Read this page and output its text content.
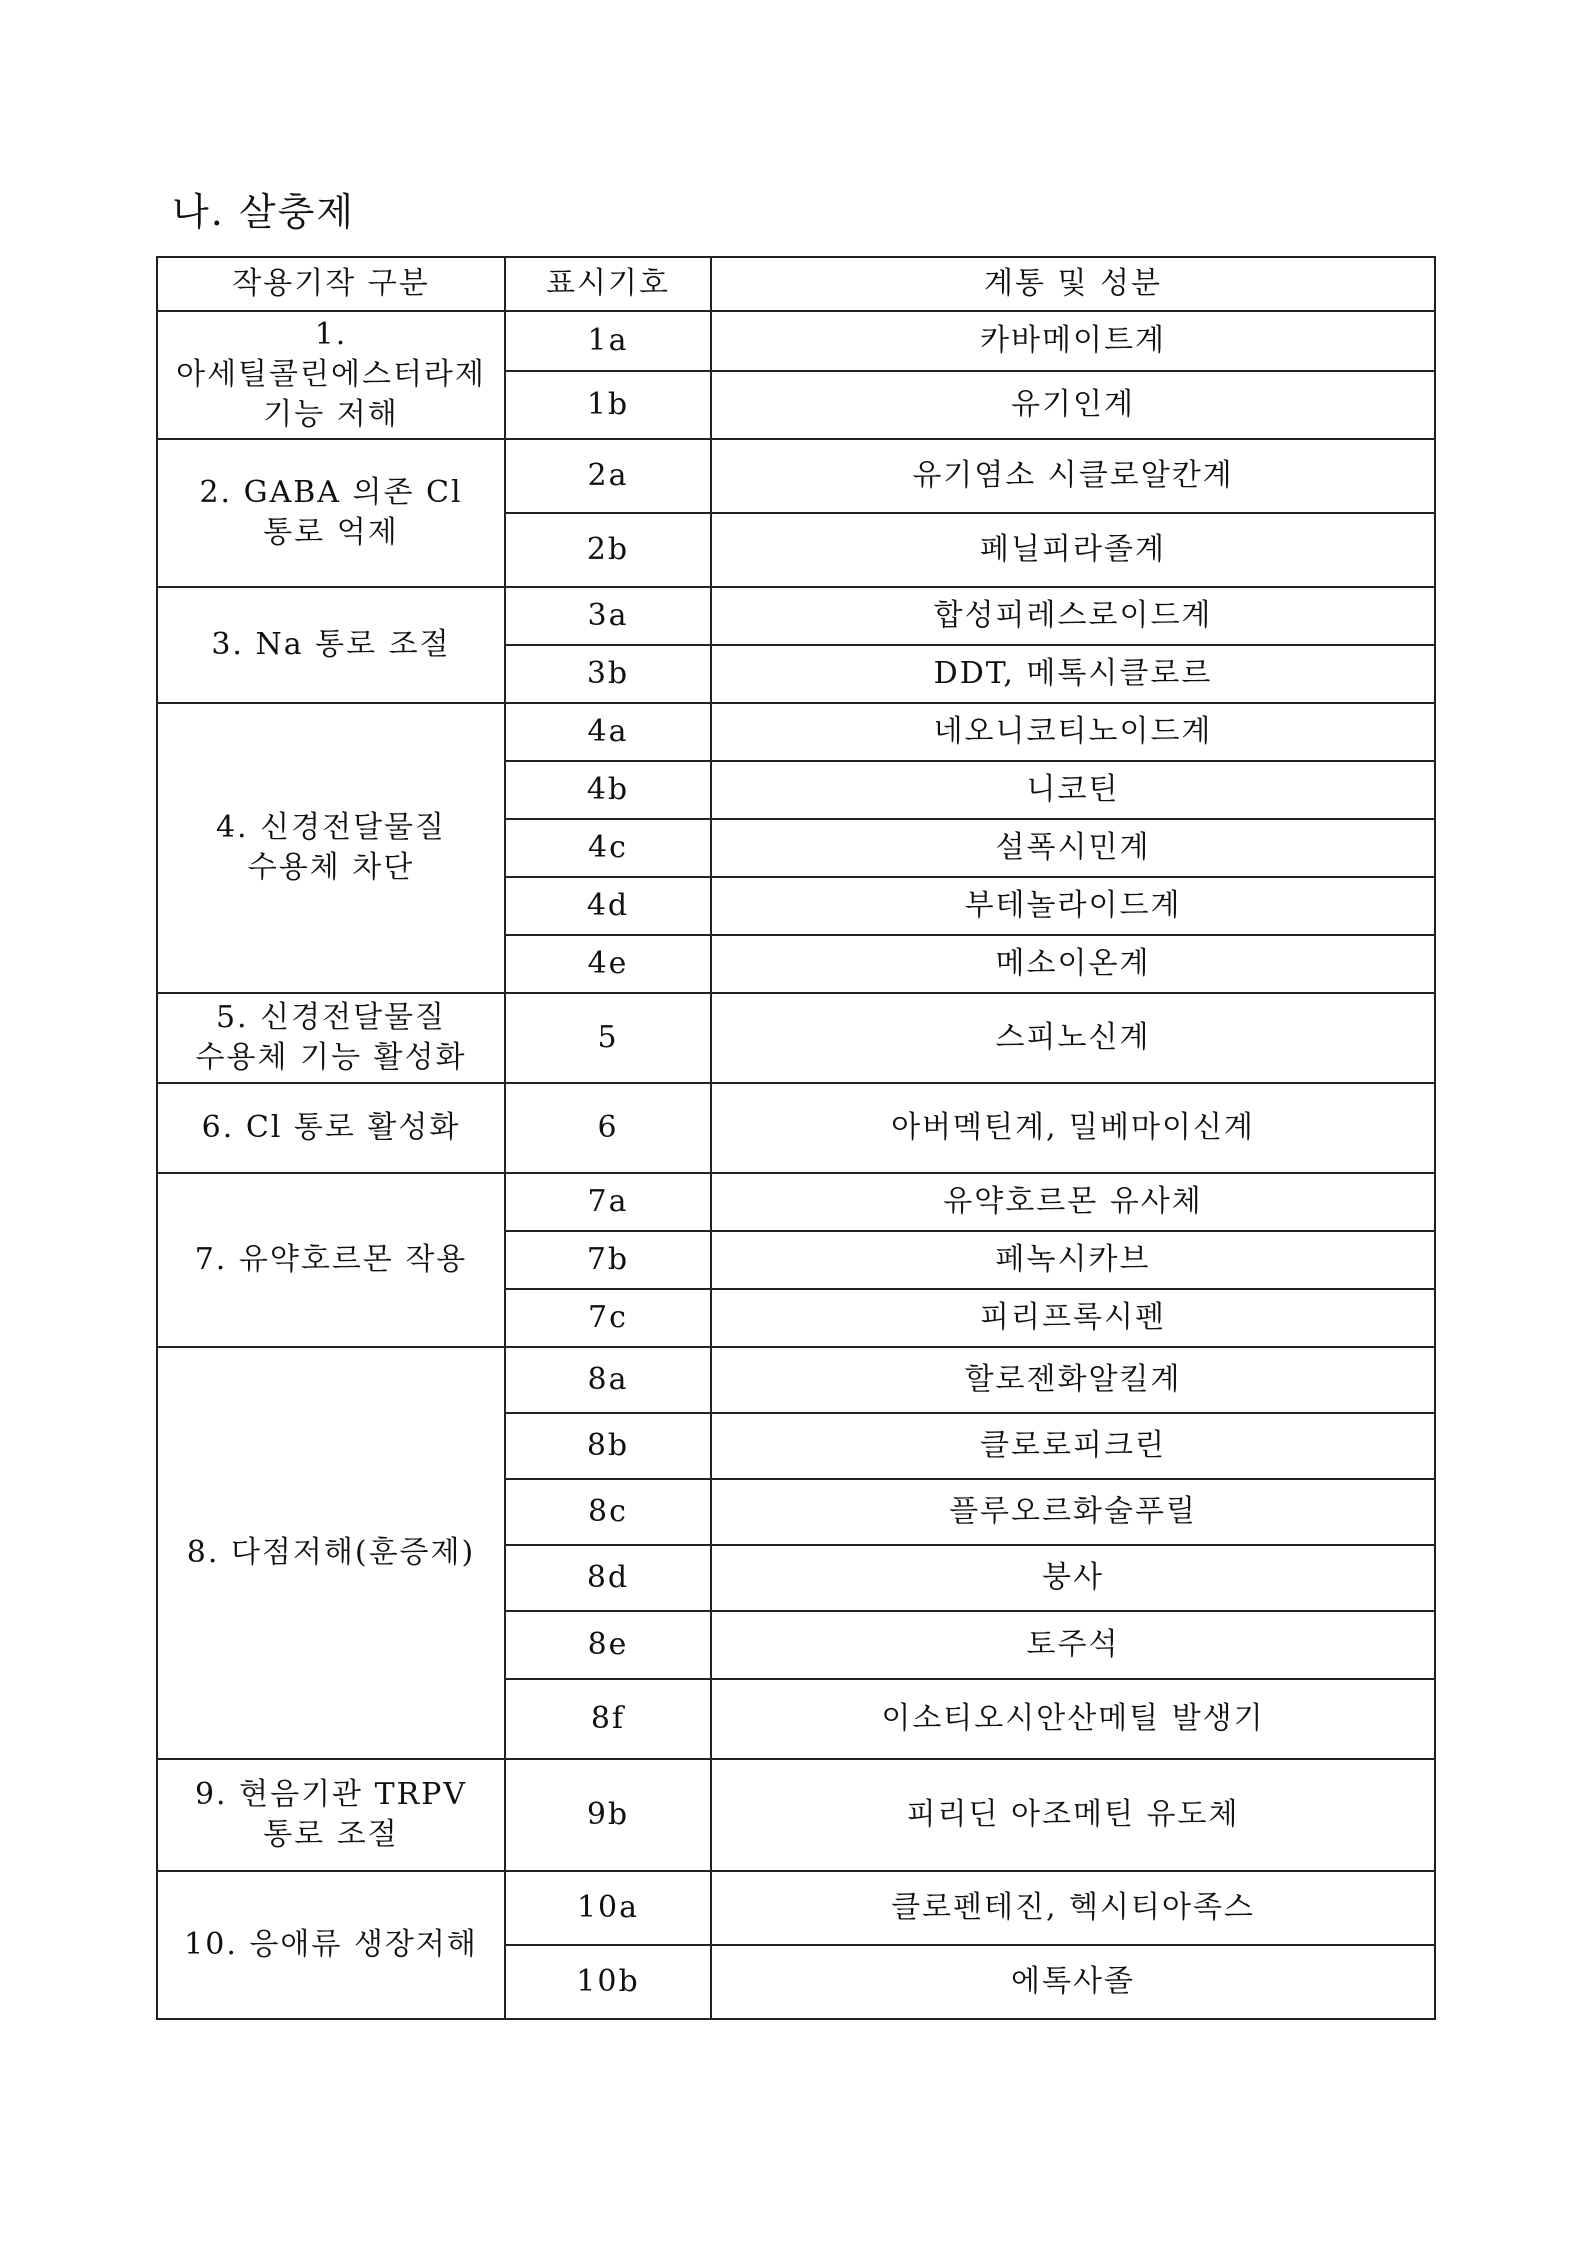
나. 살충제
작용기작 구분	표시기호	계통 및 성분

1.
아세틸콜린에스터라제
기능 저해	1a	카바메이트계
	1b	유기인계

2. GABA 의존 Cl
통로 억제	2a	유기염소 시클로알칸계
	2b	페닐피라졸계

3. Na 통로 조절	3a	합성피레스로이드계
	3b	DDT, 메톡시클로르

4. 신경전달물질
수용체 차단	4a	네오니코티노이드계
	4b	니코틴
	4c	설폭시민계
	4d	부테놀라이드계
	4e	메소이온계

5. 신경전달물질
수용체 기능 활성화	5	스피노신계

6. Cl 통로 활성화	6	아버멕틴계, 밀베마이신계

7. 유약호르몬 작용	7a	유약호르몬 유사체
	7b	페녹시카브
	7c	피리프록시펜

8. 다점저해(훈증제)	8a	할로젠화알킬계
	8b	클로로피크린
	8c	플루오르화술푸릴
	8d	붕사
	8e	토주석
	8f	이소티오시안산메틸 발생기

9. 현음기관 TRPV
통로 조절	9b	피리딘 아조메틴 유도체

10. 응애류 생장저해	10a	클로펜테진, 헥시티아족스
	10b	에톡사졸
